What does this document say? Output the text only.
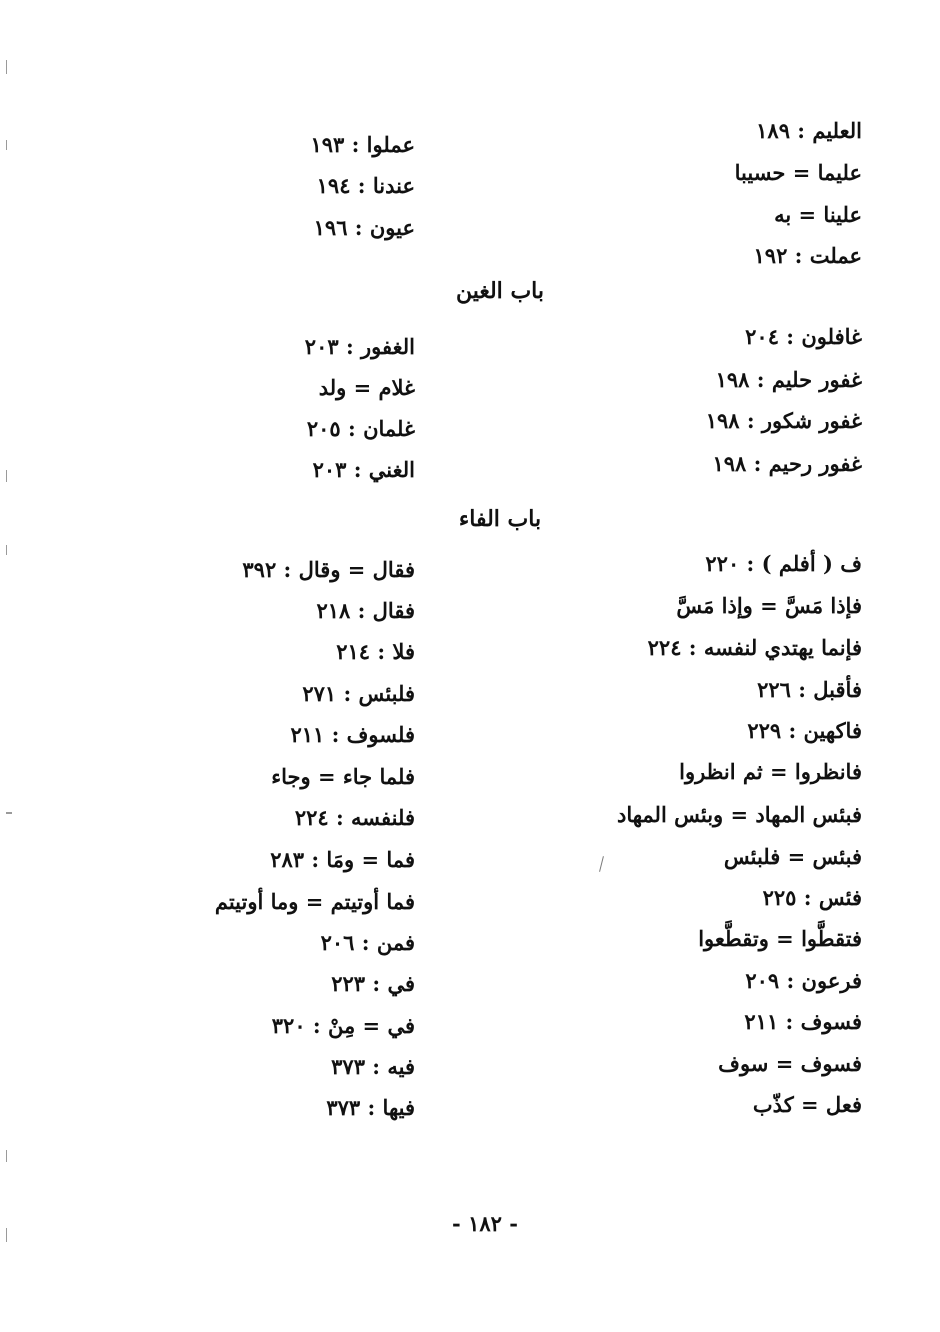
العليم : ١٨٩
عليما = حسيبا
علينا = به
عملت : ١٩٢
عملوا : ١٩٣
عندنا : ١٩٤
عيون : ١٩٦
باب الغين
غافلون : ٢٠٤
غفور حليم : ١٩٨
غفور شكور : ١٩٨
غفور رحيم : ١٩٨
الغفور : ٢٠٣
غلام = ولد
غلمان : ٢٠٥
الغني : ٢٠٣
باب الفاء
ف ( أفلم ) : ٢٢٠
فإذا مَسَّ = وإذا مَسَّ
فإنما يهتدي لنفسه : ٢٢٤
فأقبل : ٢٢٦
فاكهين : ٢٢٩
فانظروا = ثم انظروا
فبئس المهاد = وبئس المهاد
فبئس = فلبئس
فئس : ٢٢٥
فتقطَّوا = وتقطَّعوا
فرعون : ٢٠٩
فسوف : ٢١١
فسوف = سوف
فعل = كذّب
فقال = وقال : ٣٩٢
فقال : ٢١٨
فلا : ٢١٤
فلبئس : ٢٧١
فلسوف : ٢١١
فلما جاء = وجاء
فلنفسه : ٢٢٤
فما = ومَا : ٢٨٣
فما أوتيتم = وما أوتيتم
فمن : ٢٠٦
في : ٢٢٣
في = مِنْ : ٣٢٠
فيه : ٣٧٣
فيها : ٣٧٣
- ١٨٢ -
